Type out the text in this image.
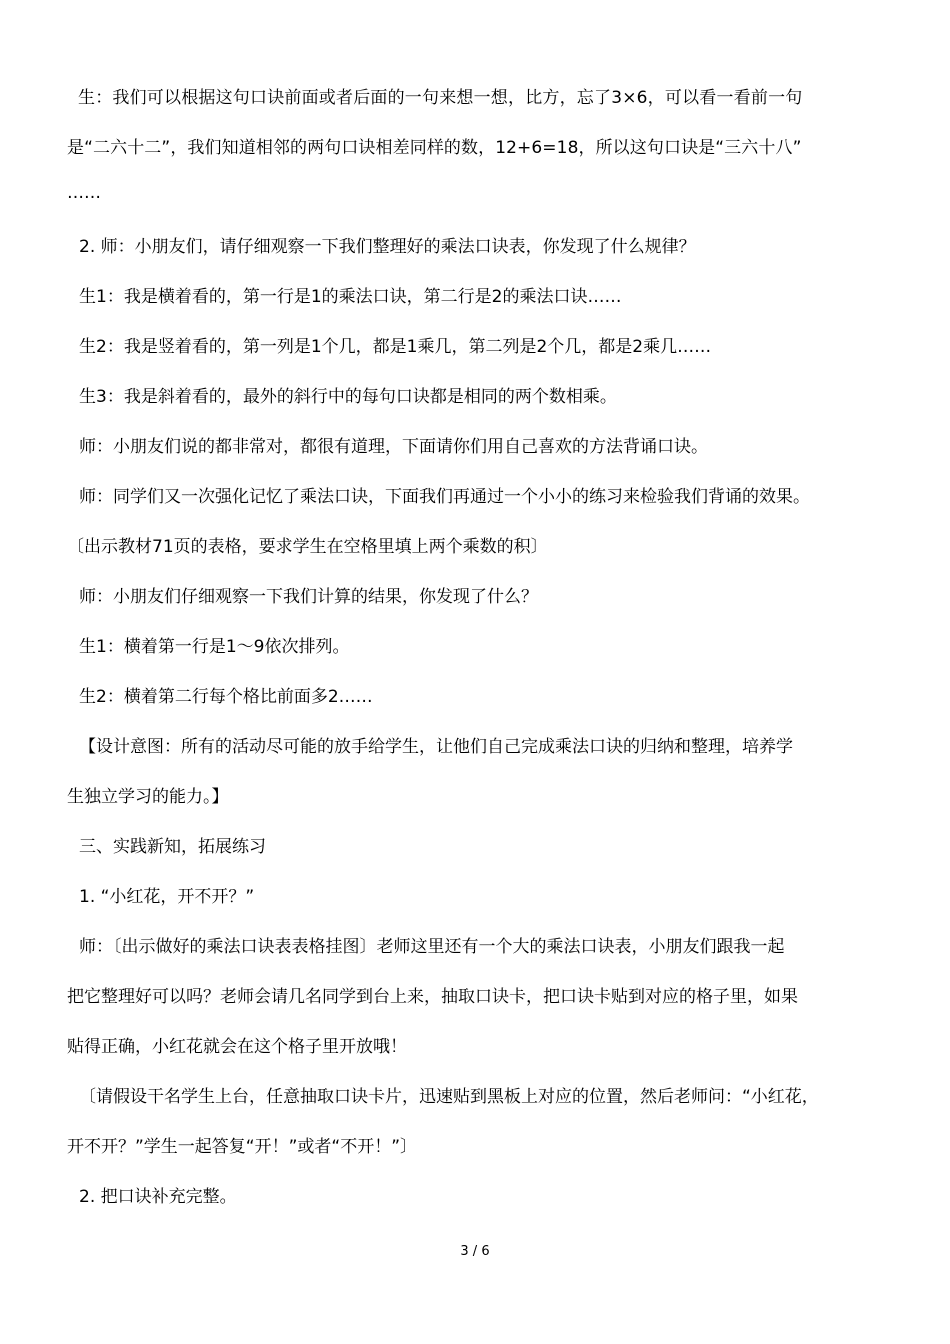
生：我们可以根据这句口诀前面或者后面的一句来想一想，比方，忘了3×6，可以看一看前一句
是“二六十二”，我们知道相邻的两句口诀相差同样的数，12+6=18，所以这句口诀是“三六十八”
……
2. 师：小朋友们，请仔细观察一下我们整理好的乘法口诀表，你发现了什么规律？
生1：我是横着看的，第一行是1的乘法口诀，第二行是2的乘法口诀……
生2：我是竖着看的，第一列是1个几，都是1乘几，第二列是2个几，都是2乘几……
生3：我是斜着看的，最外的斜行中的每句口诀都是相同的两个数相乘。
师：小朋友们说的都非常对，都很有道理，下面请你们用自己喜欢的方法背诵口诀。
师：同学们又一次强化记忆了乘法口诀，下面我们再通过一个小小的练习来检验我们背诵的效果。
〔出示教材71页的表格，要求学生在空格里填上两个乘数的积〕
师：小朋友们仔细观察一下我们计算的结果，你发现了什么？
生1：横着第一行是1～9依次排列。
生2：横着第二行每个格比前面多2……
【设计意图：所有的活动尽可能的放手给学生，让他们自己完成乘法口诀的归纳和整理，培养学
生独立学习的能力。】
三、实践新知，拓展练习
1. “小红花，开不开？”
师：〔出示做好的乘法口诀表表格挂图〕老师这里还有一个大的乘法口诀表，小朋友们跟我一起
把它整理好可以吗？老师会请几名同学到台上来，抽取口诀卡，把口诀卡贴到对应的格子里，如果
贴得正确，小红花就会在这个格子里开放哦！
〔请假设干名学生上台，任意抽取口诀卡片，迅速贴到黑板上对应的位置，然后老师问：“小红花，
开不开？”学生一起答复“开！”或者“不开！”〕
2. 把口诀补充完整。
3 / 6
